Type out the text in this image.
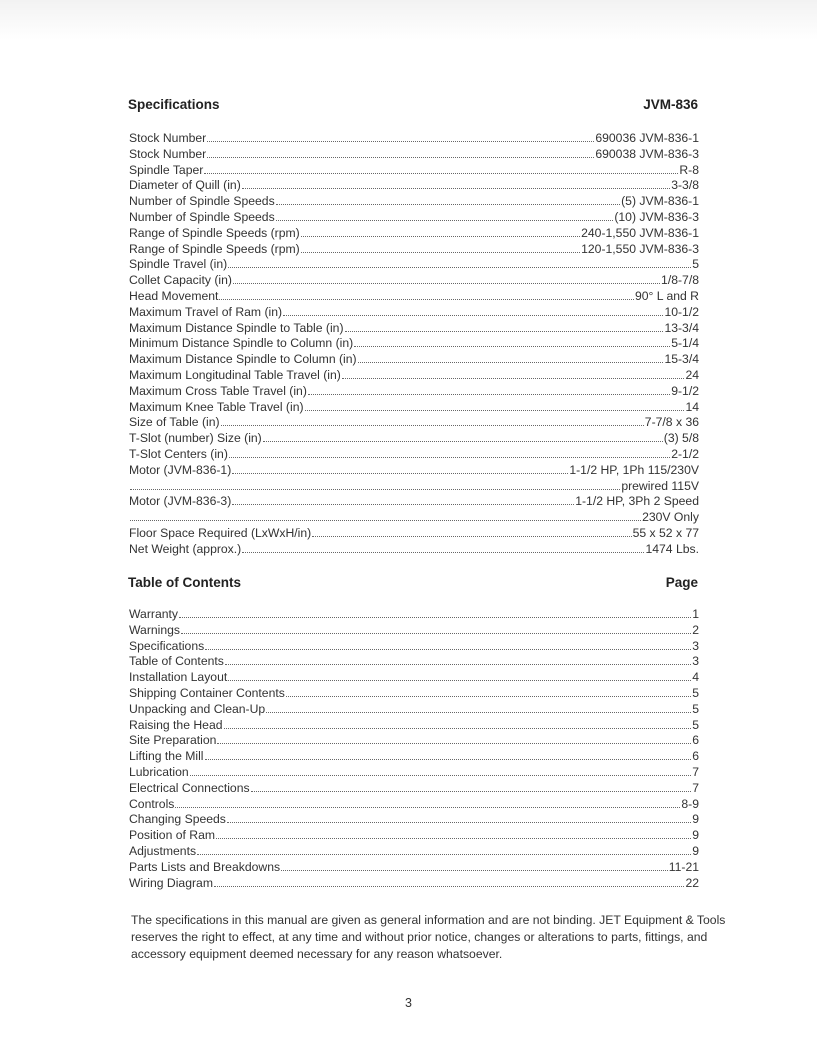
Specifications	JVM-836
Stock Number	690036 JVM-836-1
Stock Number	690038 JVM-836-3
Spindle Taper	R-8
Diameter of Quill (in)	3-3/8
Number of Spindle Speeds	(5) JVM-836-1
Number of Spindle Speeds	(10) JVM-836-3
Range of Spindle Speeds (rpm)	240-1,550 JVM-836-1
Range of Spindle Speeds (rpm)	120-1,550 JVM-836-3
Spindle Travel (in)	5
Collet Capacity (in)	1/8-7/8
Head Movement	90° L and R
Maximum Travel of Ram (in)	10-1/2
Maximum Distance Spindle to Table (in)	13-3/4
Minimum Distance Spindle to Column (in)	5-1/4
Maximum Distance Spindle to Column (in)	15-3/4
Maximum Longitudinal Table Travel (in)	24
Maximum Cross Table Travel (in)	9-1/2
Maximum Knee Table Travel (in)	14
Size of Table (in)	7-7/8 x 36
T-Slot (number) Size (in)	(3) 5/8
T-Slot Centers (in)	2-1/2
Motor (JVM-836-1)	1-1/2 HP, 1Ph 115/230V
prewired 115V
Motor (JVM-836-3)	1-1/2 HP, 3Ph 2 Speed
230V Only
Floor Space Required (LxWxH/in)	55 x 52 x 77
Net Weight (approx.)	1474 Lbs.
Table of Contents	Page
Warranty	1
Warnings	2
Specifications	3
Table of Contents	3
Installation Layout	4
Shipping Container Contents	5
Unpacking and Clean-Up	5
Raising the Head	5
Site Preparation	6
Lifting the Mill	6
Lubrication	7
Electrical Connections	7
Controls	8-9
Changing Speeds	9
Position of Ram	9
Adjustments	9
Parts Lists and Breakdowns	11-21
Wiring Diagram	22
The specifications in this manual are given as general information and are not binding. JET Equipment & Tools reserves the right to effect, at any time and without prior notice, changes or alterations to parts, fittings, and accessory equipment deemed necessary for any reason whatsoever.
3
